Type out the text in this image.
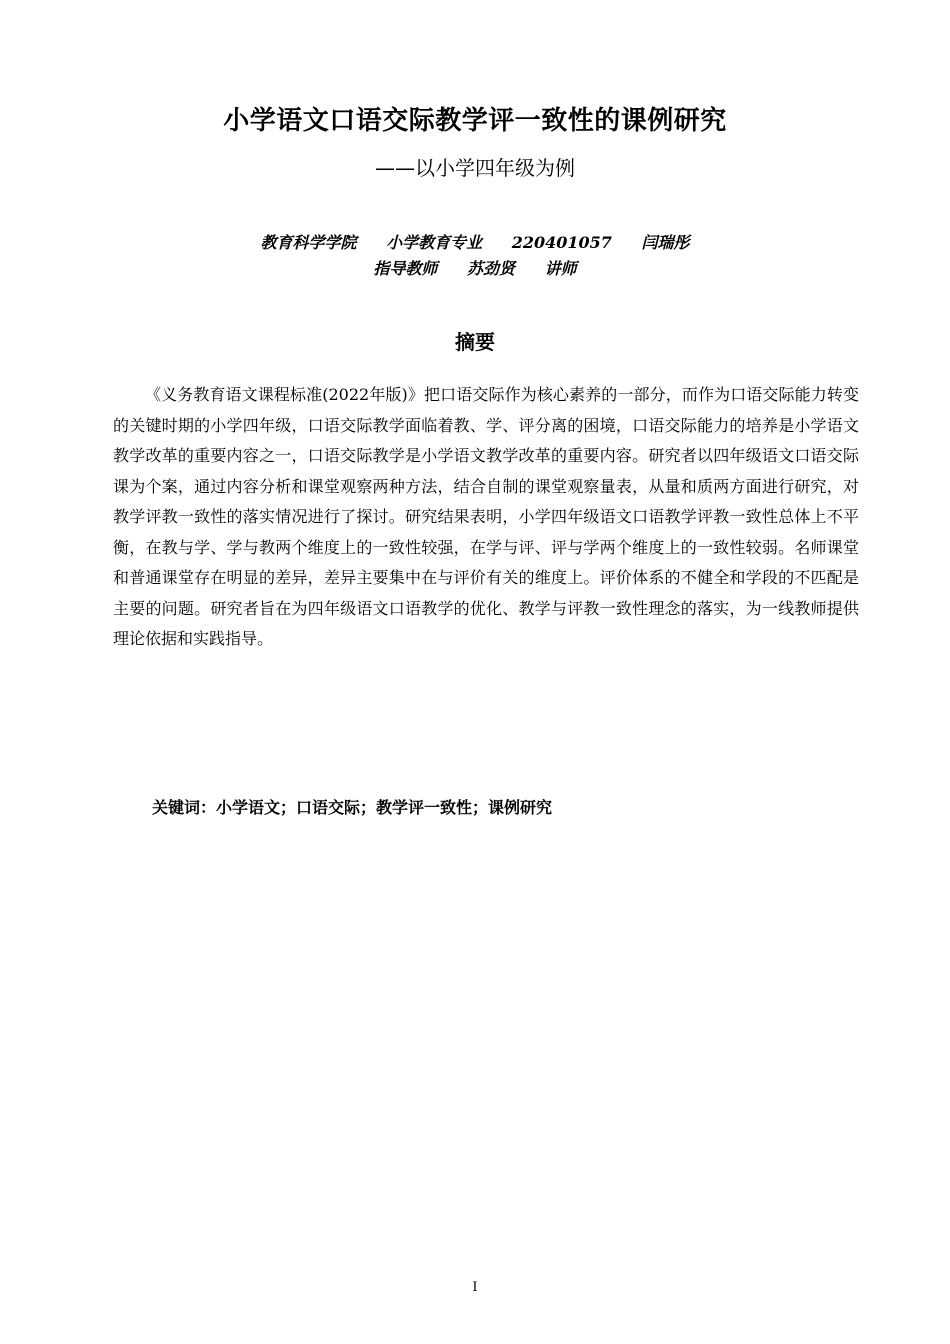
小学语文口语交际教学评一致性的课例研究
——以小学四年级为例
教育科学学院 小学教育专业 220401057 闫瑞彤
指导教师 苏劲贤 讲师
摘要

《义务教育语文课程标准(2022年版)》把口语交际作为核心素养的一部分，而作为口语交际能力转变的关键时期的小学四年级，口语交际教学面临着教、学、评分离的困境，口语交际能力的培养是小学语文教学改革的重要内容之一，口语交际教学是小学语文教学改革的重要内容。研究者以四年级语文口语交际课为个案，通过内容分析和课堂观察两种方法，结合自制的课堂观察量表，从量和质两方面进行研究，对教学评教一致性的落实情况进行了探讨。研究结果表明，小学四年级语文口语教学评教一致性总体上不平衡，在教与学、学与教两个维度上的一致性较强，在学与评、评与学两个维度上的一致性较弱。名师课堂和普通课堂存在明显的差异，差异主要集中在与评价有关的维度上。评价体系的不健全和学段的不匹配是主要的问题。研究者旨在为四年级语文口语教学的优化、教学与评教一致性理念的落实，为一线教师提供理论依据和实践指导。

关键词：小学语文；口语交际；教学评一致性；课例研究
I
